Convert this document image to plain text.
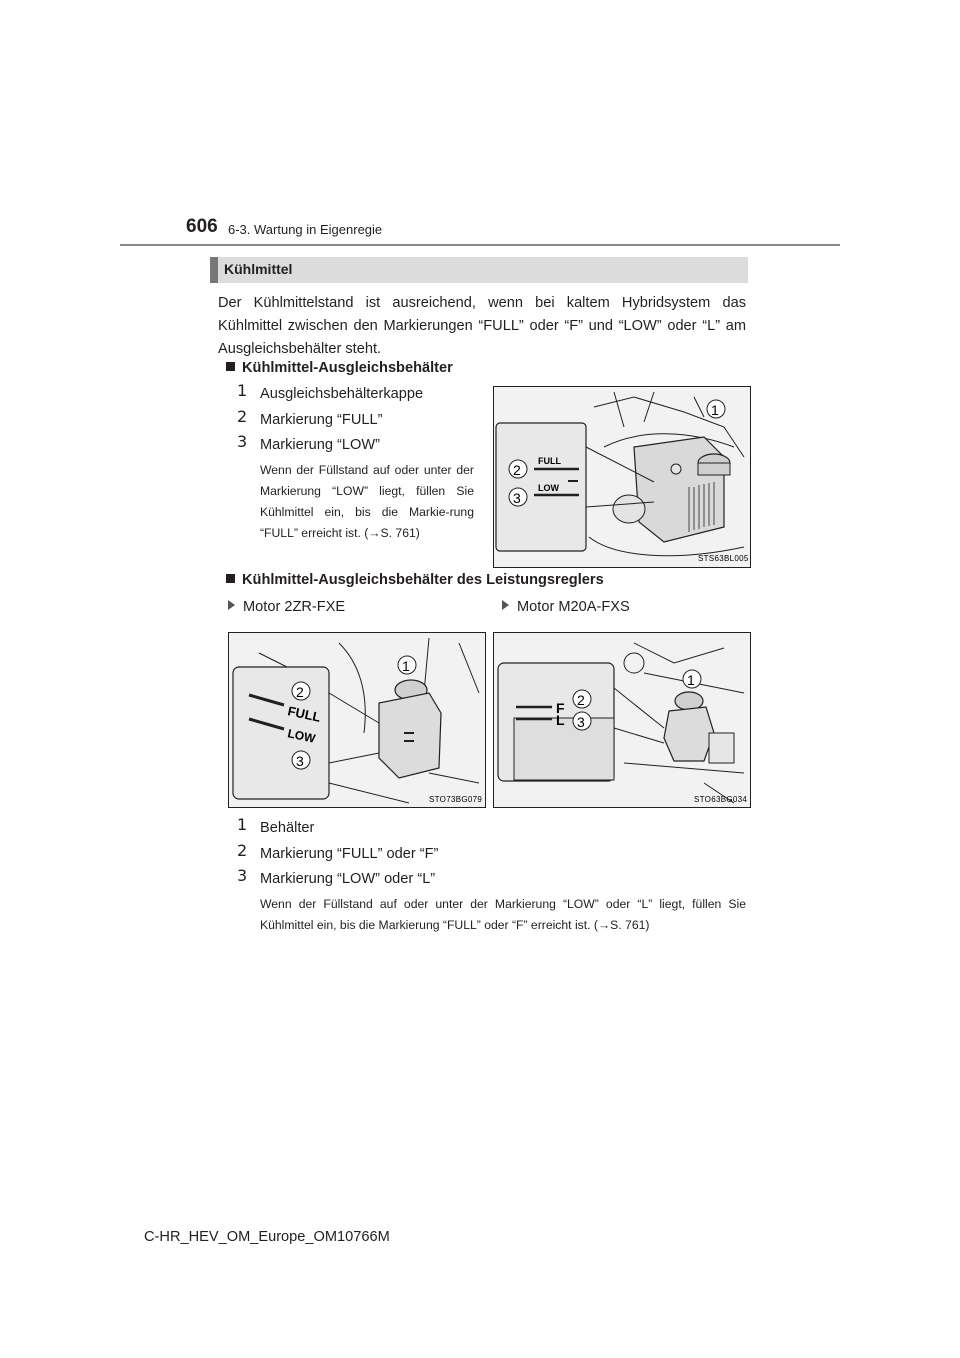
606 6-3. Wartung in Eigenregie
Kühlmittel
Der Kühlmittelstand ist ausreichend, wenn bei kaltem Hybridsystem das Kühlmittel zwischen den Markierungen “FULL” oder “F” und “LOW” oder “L” am Ausgleichsbehälter steht.
Kühlmittel-Ausgleichsbehälter
1 Ausgleichsbehälterkappe
2 Markierung “FULL”
3 Markierung “LOW”
Wenn der Füllstand auf oder unter der Markierung “LOW” liegt, füllen Sie Kühlmittel ein, bis die Markie-rung “FULL” erreicht ist. (→S. 761)
FULL
LOW
2
3
1
STS63BL005
Kühlmittel-Ausgleichsbehälter des Leistungsreglers
Motor 2ZR-FXE	Motor M20A-FXS
FULL
LOW
2
3
1
STO73BG079
F
L
2
3
1
STO63BG034
1 Behälter
2 Markierung “FULL” oder “F”
3 Markierung “LOW” oder “L”
Wenn der Füllstand auf oder unter der Markierung “LOW” oder “L” liegt, füllen Sie Kühlmittel ein, bis die Markierung “FULL” oder “F” erreicht ist. (→S. 761)
C-HR_HEV_OM_Europe_OM10766M
